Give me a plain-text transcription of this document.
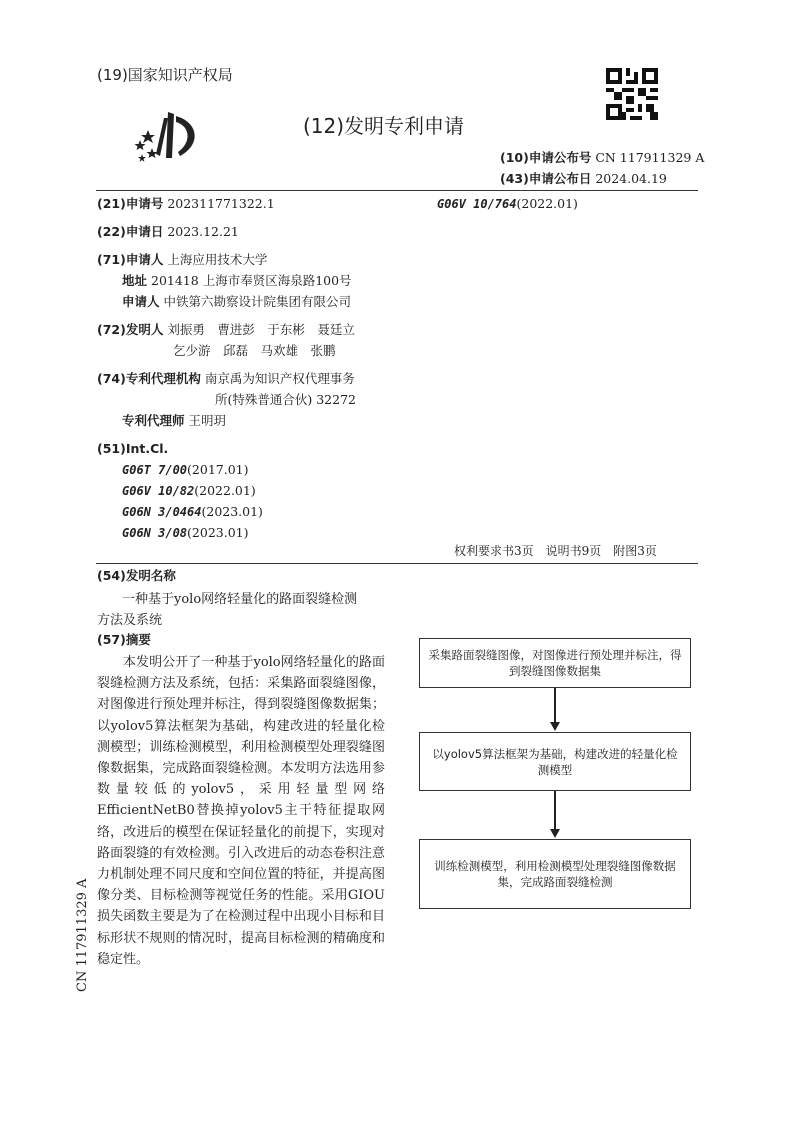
(19)国家知识产权局
(12)发明专利申请
(10)申请公布号 CN 117911329 A
(43)申请公布日 2024.04.19
(21)申请号 202311771322.1
(22)申请日 2023.12.21
(71)申请人 上海应用技术大学
地址 201418 上海市奉贤区海泉路100号
申请人 中铁第六勘察设计院集团有限公司
(72)发明人 刘振勇　曹进彭　于东彬　聂廷立
乞少游　邱磊　马欢雄　张鹏
(74)专利代理机构 南京禹为知识产权代理事务
所(特殊普通合伙) 32272
专利代理师 王明玥
(51)Int.Cl.
G06T 7/00(2017.01)
G06V 10/82(2022.01)
G06N 3/0464(2023.01)
G06N 3/08(2023.01)
G06V 10/764(2022.01)
权利要求书3页　说明书9页　附图3页
(54)发明名称
一种基于yolo网络轻量化的路面裂缝检测
方法及系统
(57)摘要

本发明公开了一种基于yolo网络轻量化的路面裂缝检测方法及系统，包括：采集路面裂缝图像，对图像进行预处理并标注，得到裂缝图像数据集；以yolov5算法框架为基础，构建改进的轻量化检测模型；训练检测模型，利用检测模型处理裂缝图像数据集，完成路面裂缝检测。本发明方法选用参数量较低的yolov5，采用轻量型网络EfficientNetB0替换掉yolov5主干特征提取网络，改进后的模型在保证轻量化的前提下，实现对路面裂缝的有效检测。引入改进后的动态卷积注意力机制处理不同尺度和空间位置的特征，并提高图像分类、目标检测等视觉任务的性能。采用GIOU损失函数主要是为了在检测过程中出现小目标和目标形状不规则的情况时，提高目标检测的精确度和稳定性。

采集路面裂缝图像，对图像进行预处理并标注，得到裂缝图像数据集
以yolov5算法框架为基础，构建改进的轻量化检测模型
训练检测模型，利用检测模型处理裂缝图像数据集，完成路面裂缝检测
CN 117911329 A
